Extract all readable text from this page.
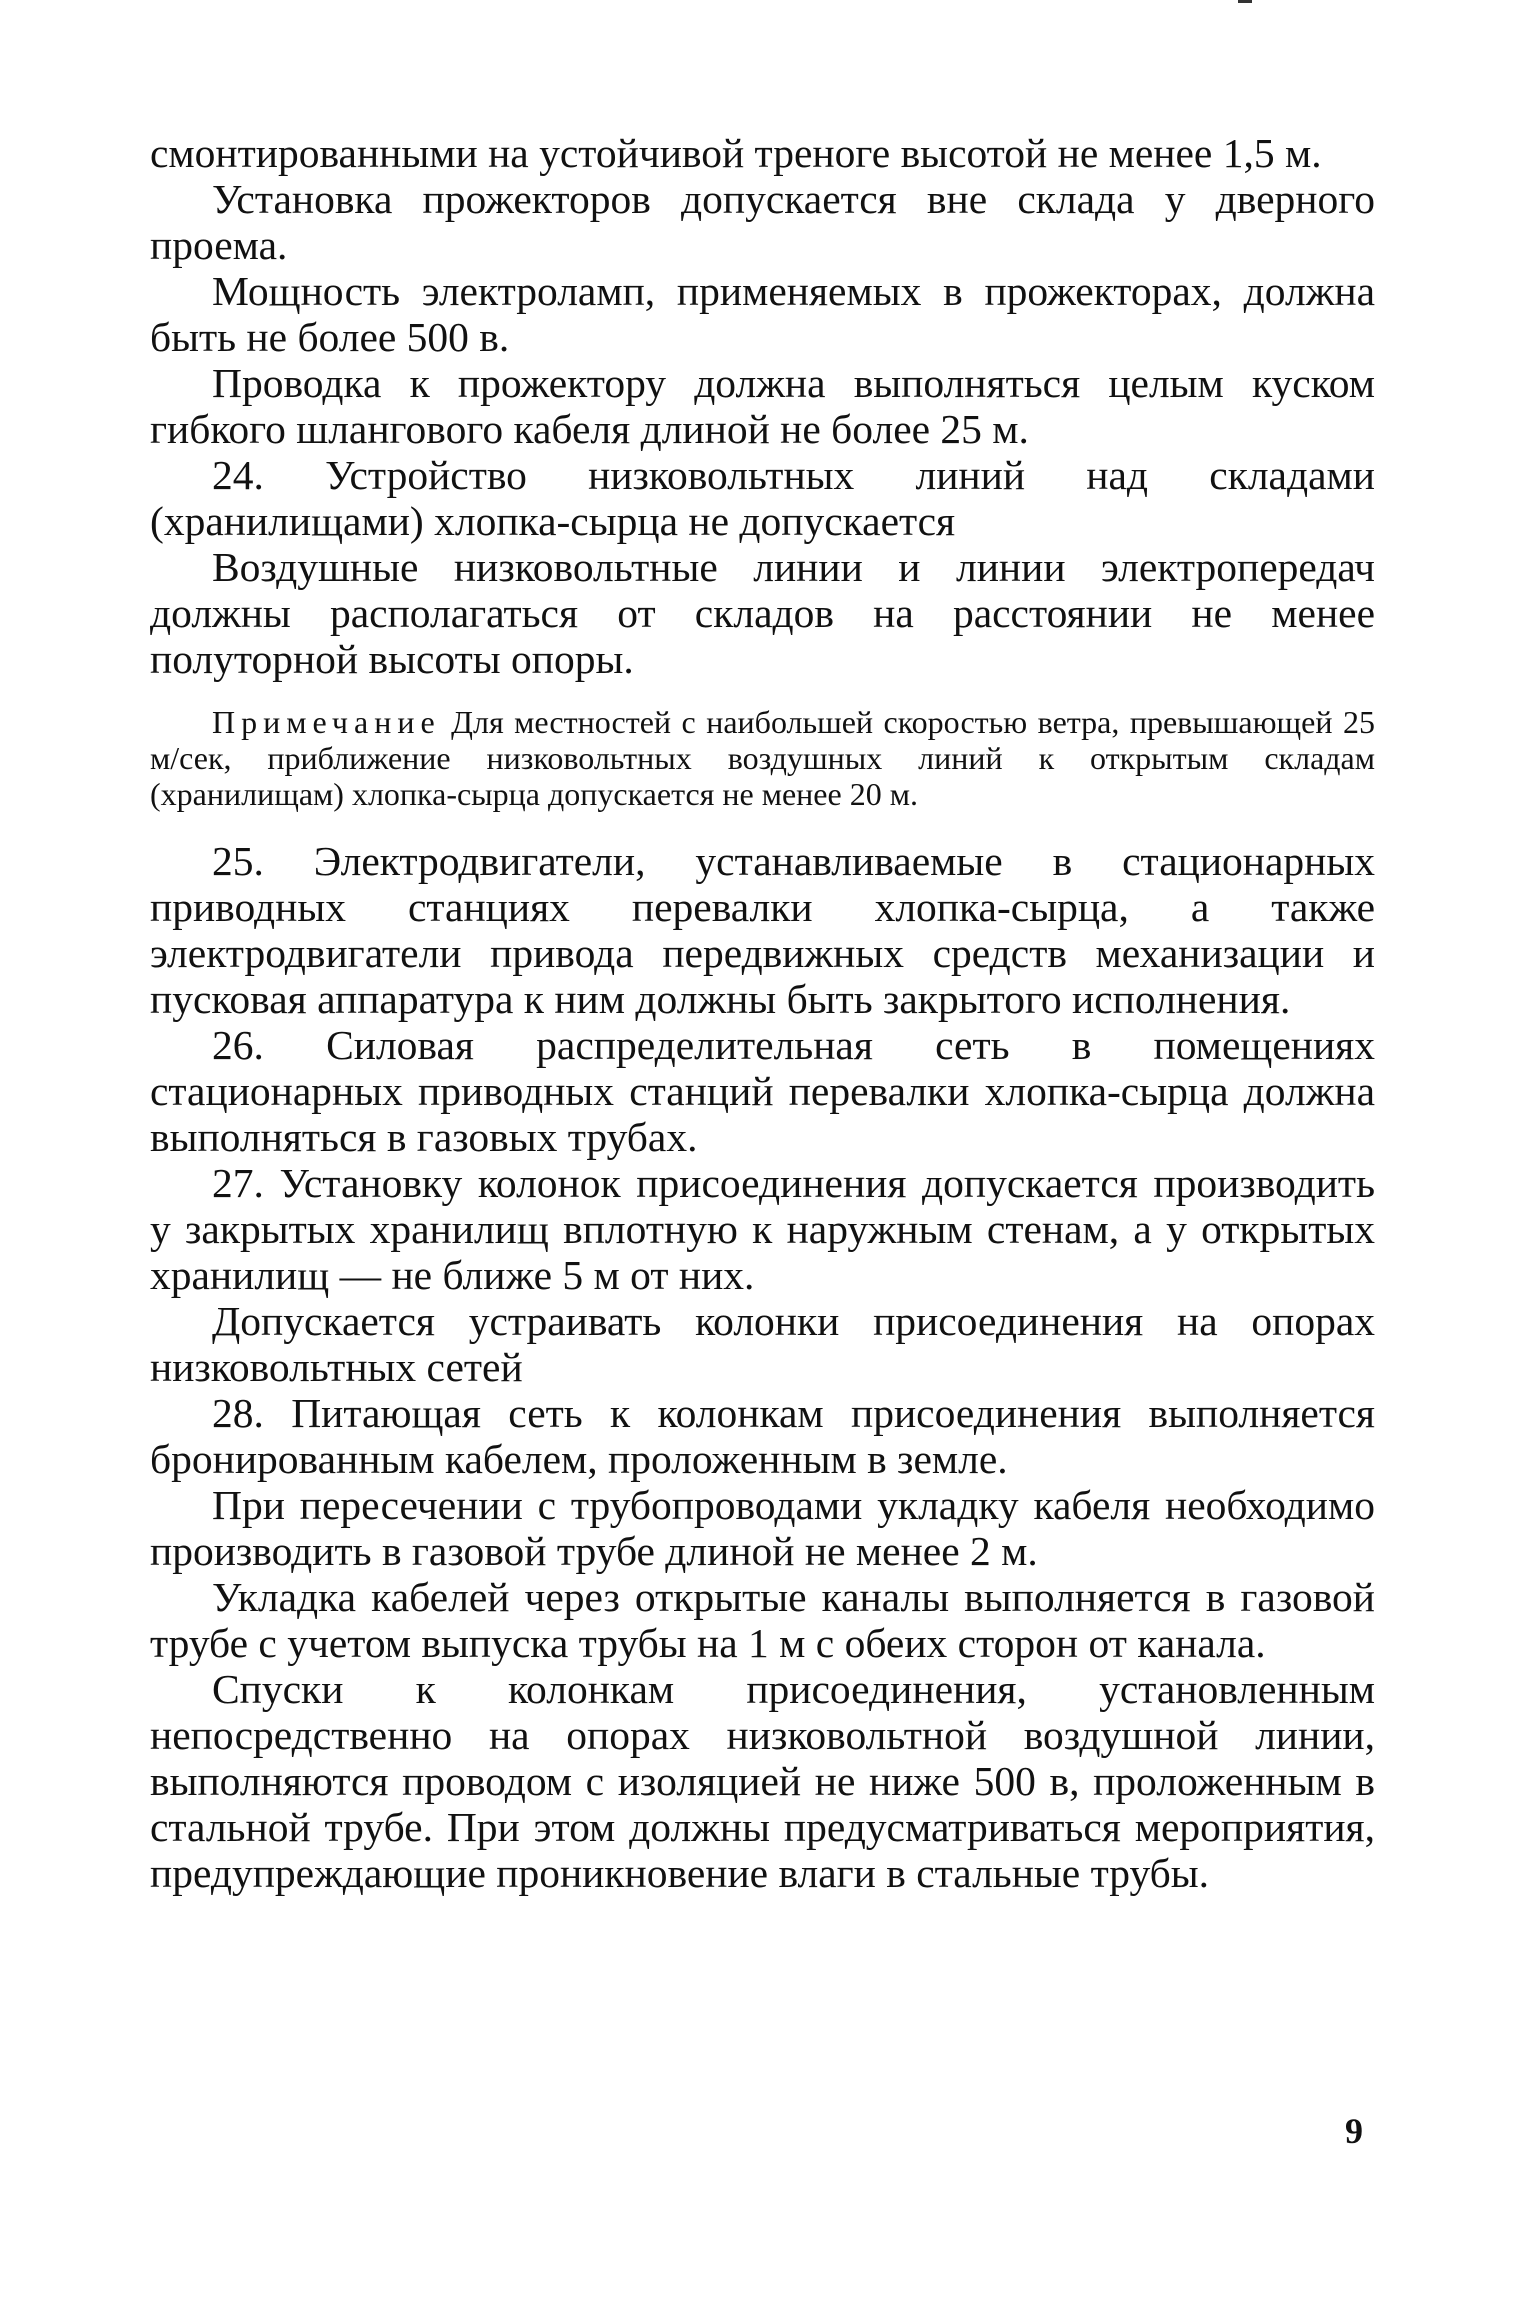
смонтированными на устойчивой треноге высотой не менее 1,5 м.

Установка прожекторов допускается вне склада у дверного проема.

Мощность электроламп, применяемых в прожекторах, должна быть не более 500 в.

Проводка к прожектору должна выполняться целым куском гибкого шлангового кабеля длиной не более 25 м.

24. Устройство низковольтных линий над складами (хранилищами) хлопка-сырца не допускается

Воздушные низковольтные линии и линии электропередач должны располагаться от складов на расстоянии не менее полуторной высоты опоры.

Примечание Для местностей с наибольшей скоростью ветра, превышающей 25 м/сек, приближение низковольтных воздушных линий к открытым складам (хранилищам) хлопка-сырца допускается не менее 20 м.

25. Электродвигатели, устанавливаемые в стационарных приводных станциях перевалки хлопка-сырца, а также электродвигатели привода передвижных средств механизации и пусковая аппаратура к ним должны быть закрытого исполнения.

26. Силовая распределительная сеть в помещениях стационарных приводных станций перевалки хлопка-сырца должна выполняться в газовых трубах.

27. Установку колонок присоединения допускается производить у закрытых хранилищ вплотную к наружным стенам, а у открытых хранилищ — не ближе 5 м от них.

Допускается устраивать колонки присоединения на опорах низковольтных сетей

28. Питающая сеть к колонкам присоединения выполняется бронированным кабелем, проложенным в земле.

При пересечении с трубопроводами укладку кабеля необходимо производить в газовой трубе длиной не менее 2 м.

Укладка кабелей через открытые каналы выполняется в газовой трубе с учетом выпуска трубы на 1 м с обеих сторон от канала.

Спуски к колонкам присоединения, установленным непосредственно на опорах низковольтной воздушной линии, выполняются проводом с изоляцией не ниже 500 в, проложенным в стальной трубе. При этом должны предусматриваться мероприятия, предупреждающие проникновение влаги в стальные трубы.

9
